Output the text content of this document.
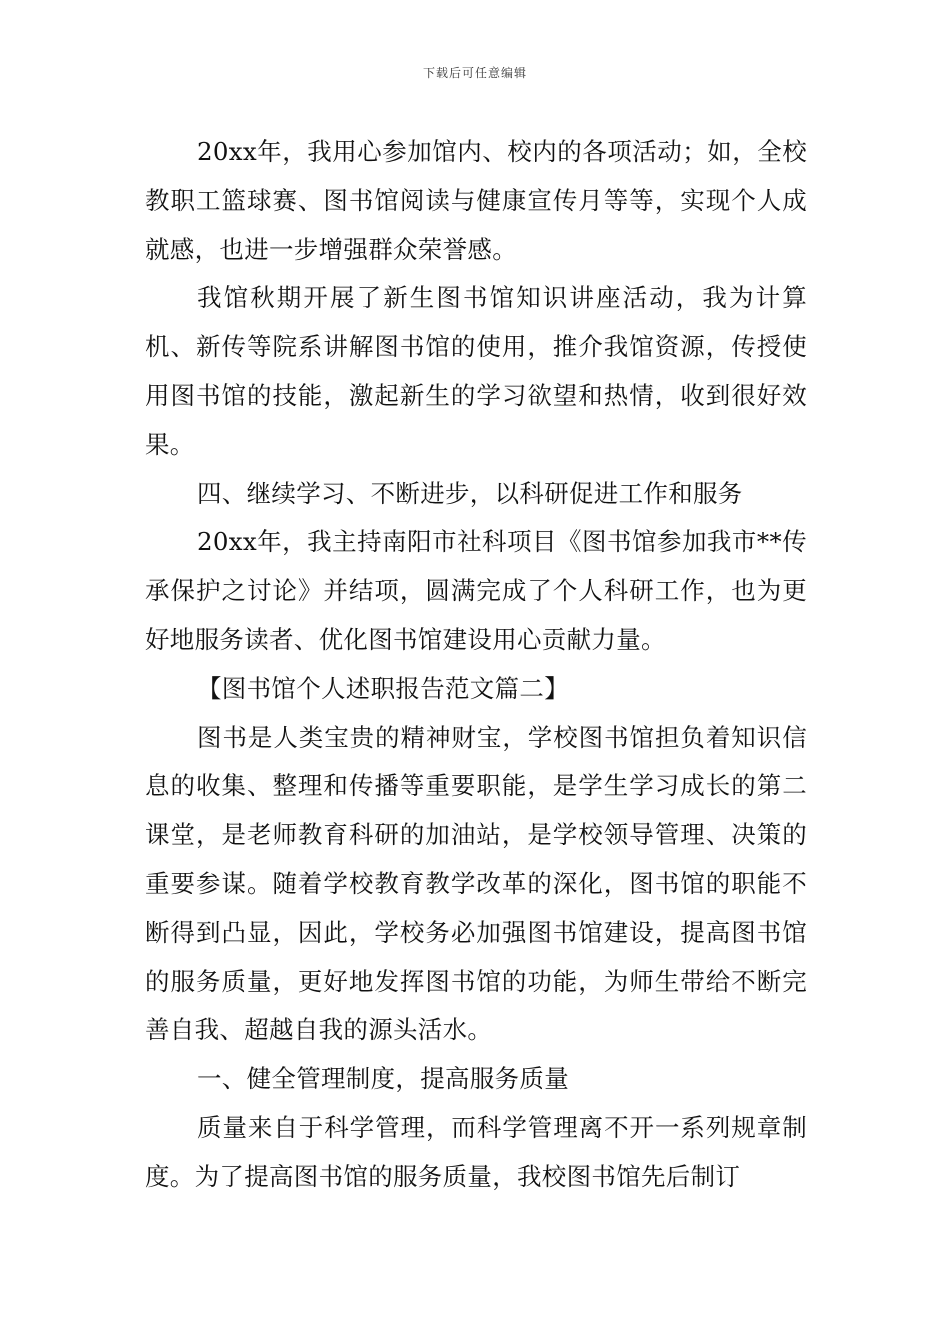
下载后可任意编辑

20xx年，我用心参加馆内、校内的各项活动；如，全校教职工篮球赛、图书馆阅读与健康宣传月等等，实现个人成就感，也进一步增强群众荣誉感。

我馆秋期开展了新生图书馆知识讲座活动，我为计算机、新传等院系讲解图书馆的使用，推介我馆资源，传授使用图书馆的技能，激起新生的学习欲望和热情，收到很好效果。

四、继续学习、不断进步，以科研促进工作和服务

20xx年，我主持南阳市社科项目《图书馆参加我市**传承保护之讨论》并结项，圆满完成了个人科研工作，也为更好地服务读者、优化图书馆建设用心贡献力量。

【图书馆个人述职报告范文篇二】

图书是人类宝贵的精神财宝，学校图书馆担负着知识信息的收集、整理和传播等重要职能，是学生学习成长的第二课堂，是老师教育科研的加油站，是学校领导管理、决策的重要参谋。随着学校教育教学改革的深化，图书馆的职能不断得到凸显，因此，学校务必加强图书馆建设，提高图书馆的服务质量，更好地发挥图书馆的功能，为师生带给不断完善自我、超越自我的源头活水。

一、健全管理制度，提高服务质量

质量来自于科学管理，而科学管理离不开一系列规章制度。为了提高图书馆的服务质量，我校图书馆先后制订
